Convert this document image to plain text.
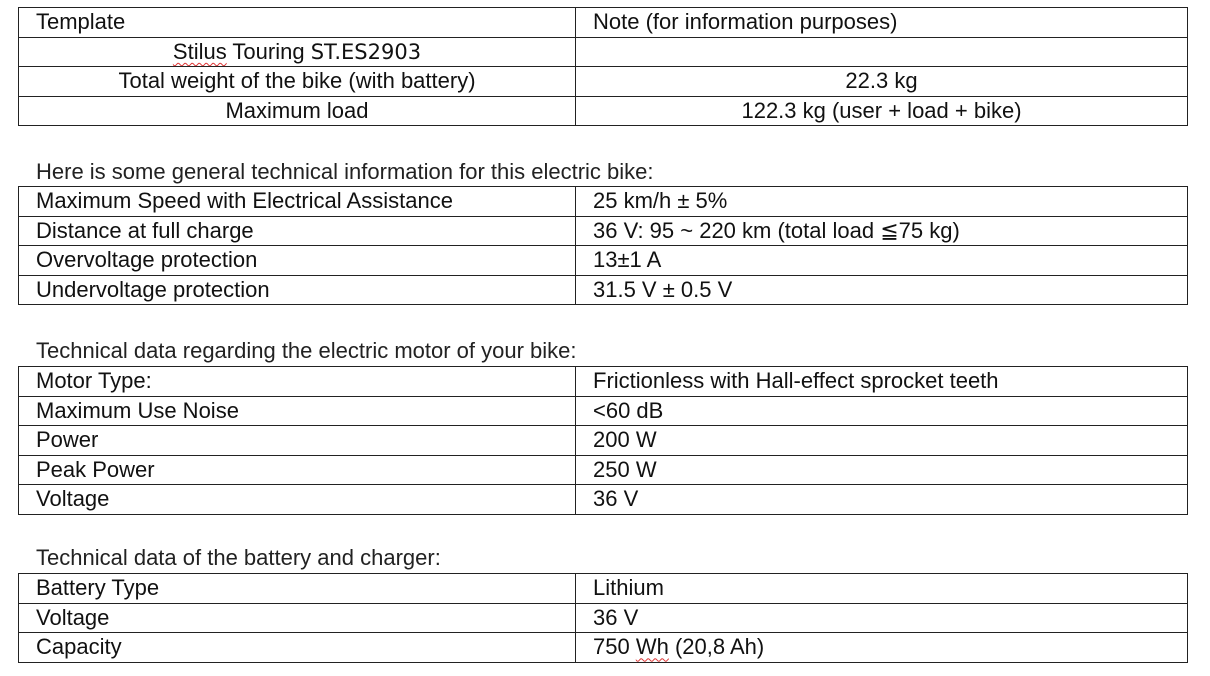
Template	Note (for information purposes)
Stilus Touring ST.ES2903	
Total weight of the bike (with battery)	22.3 kg
Maximum load	122.3 kg (user + load + bike)
Here is some general technical information for this electric bike:
Maximum Speed with Electrical Assistance	25 km/h ± 5%
Distance at full charge	36 V: 95 ~ 220 km (total load ≦75 kg)
Overvoltage protection	13±1 A
Undervoltage protection	31.5 V ± 0.5 V
Technical data regarding the electric motor of your bike:
Motor Type:	Frictionless with Hall-effect sprocket teeth
Maximum Use Noise	<60 dB
Power	200 W
Peak Power	250 W
Voltage	36 V
Technical data of the battery and charger:
Battery Type	Lithium
Voltage	36 V
Capacity	750 Wh (20,8 Ah)
